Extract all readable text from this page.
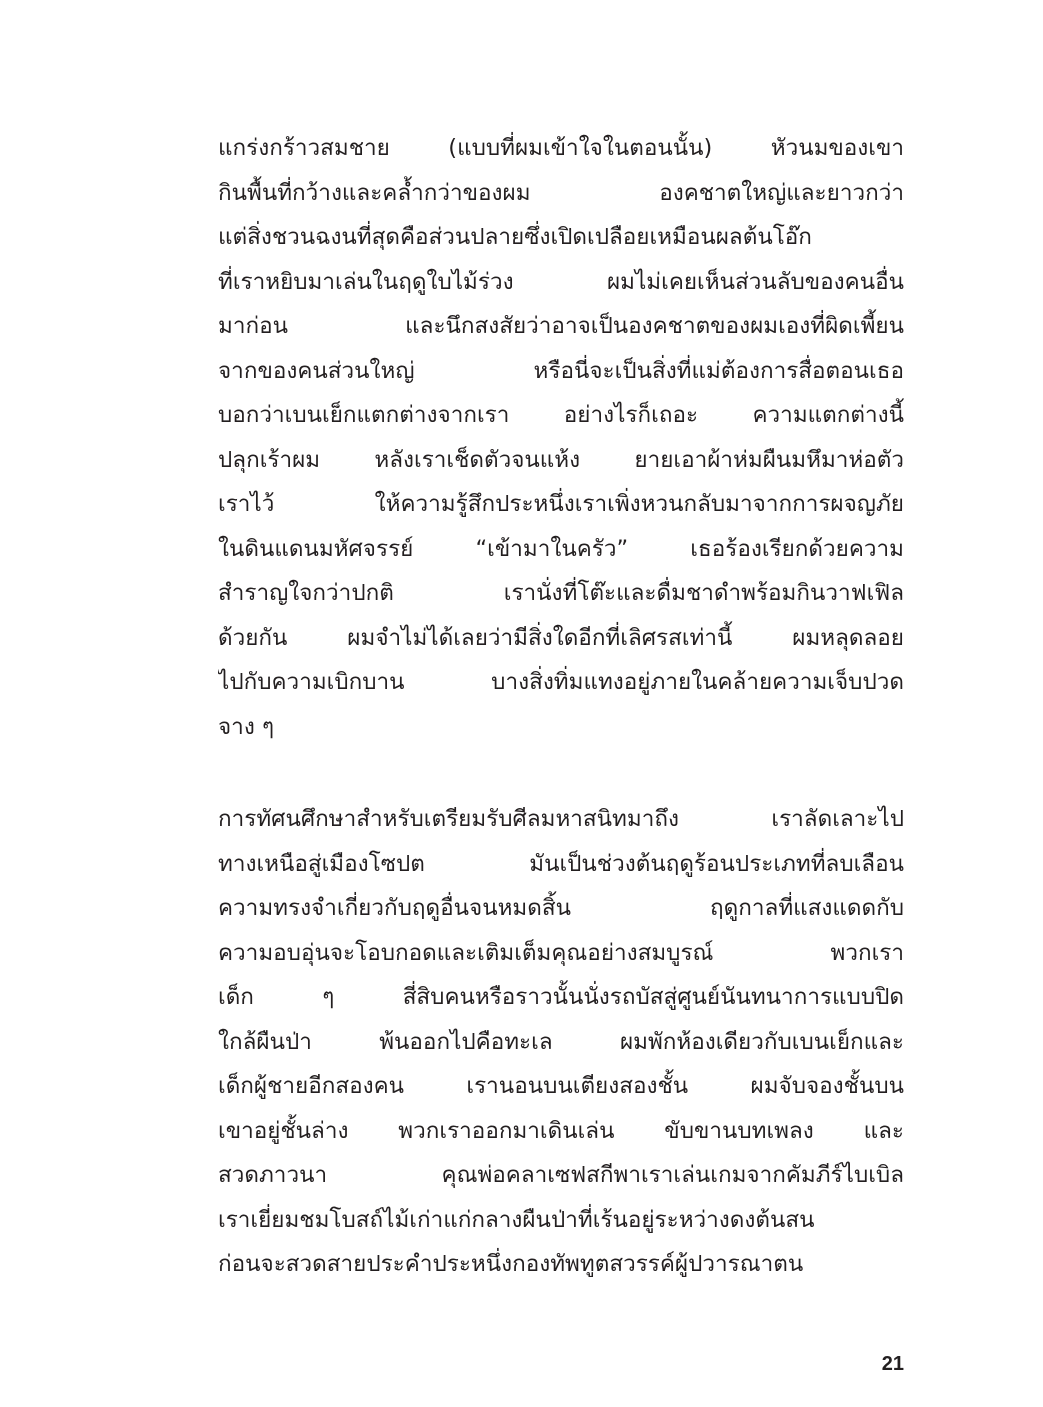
แกร่งกร้าวสมชาย (แบบที่ผมเข้าใจในตอนนั้น) หัวนมของเขา
กินพื้นที่กว้างและคล้ำกว่าของผม องคชาตใหญ่และยาวกว่า
แต่สิ่งชวนฉงนที่สุดคือส่วนปลายซึ่งเปิดเปลือยเหมือนผลต้นโอ๊ก
ที่เราหยิบมาเล่นในฤดูใบไม้ร่วง ผมไม่เคยเห็นส่วนลับของคนอื่น
มาก่อน และนึกสงสัยว่าอาจเป็นองคชาตของผมเองที่ผิดเพี้ยน
จากของคนส่วนใหญ่ หรือนี่จะเป็นสิ่งที่แม่ต้องการสื่อตอนเธอ
บอกว่าเบนเย็กแตกต่างจากเรา อย่างไรก็เถอะ ความแตกต่างนี้
ปลุกเร้าผม หลังเราเช็ดตัวจนแห้ง ยายเอาผ้าห่มผืนมหึมาห่อตัว
เราไว้ ให้ความรู้สึกประหนึ่งเราเพิ่งหวนกลับมาจากการผจญภัย
ในดินแดนมหัศจรรย์ “เข้ามาในครัว” เธอร้องเรียกด้วยความ
สำราญใจกว่าปกติ เรานั่งที่โต๊ะและดื่มชาดำพร้อมกินวาฟเฟิล
ด้วยกัน ผมจำไม่ได้เลยว่ามีสิ่งใดอีกที่เลิศรสเท่านี้ ผมหลุดลอย
ไปกับความเบิกบาน บางสิ่งทิ่มแทงอยู่ภายในคล้ายความเจ็บปวด
จาง ๆ
การทัศนศึกษาสำหรับเตรียมรับศีลมหาสนิทมาถึง เราลัดเลาะไป
ทางเหนือสู่เมืองโซปต มันเป็นช่วงต้นฤดูร้อนประเภทที่ลบเลือน
ความทรงจำเกี่ยวกับฤดูอื่นจนหมดสิ้น ฤดูกาลที่แสงแดดกับ
ความอบอุ่นจะโอบกอดและเติมเต็มคุณอย่างสมบูรณ์ พวกเรา
เด็ก ๆ สี่สิบคนหรือราวนั้นนั่งรถบัสสู่ศูนย์นันทนาการแบบปิด
ใกล้ผืนป่า พ้นออกไปคือทะเล ผมพักห้องเดียวกับเบนเย็กและ
เด็กผู้ชายอีกสองคน เรานอนบนเตียงสองชั้น ผมจับจองชั้นบน
เขาอยู่ชั้นล่าง พวกเราออกมาเดินเล่น ขับขานบทเพลง และ
สวดภาวนา คุณพ่อคลาเซฟสกีพาเราเล่นเกมจากคัมภีร์ไบเบิล
เราเยี่ยมชมโบสถ์ไม้เก่าแก่กลางผืนป่าที่เร้นอยู่ระหว่างดงต้นสน
ก่อนจะสวดสายประคำประหนึ่งกองทัพทูตสวรรค์ผู้ปวารณาตน
21
